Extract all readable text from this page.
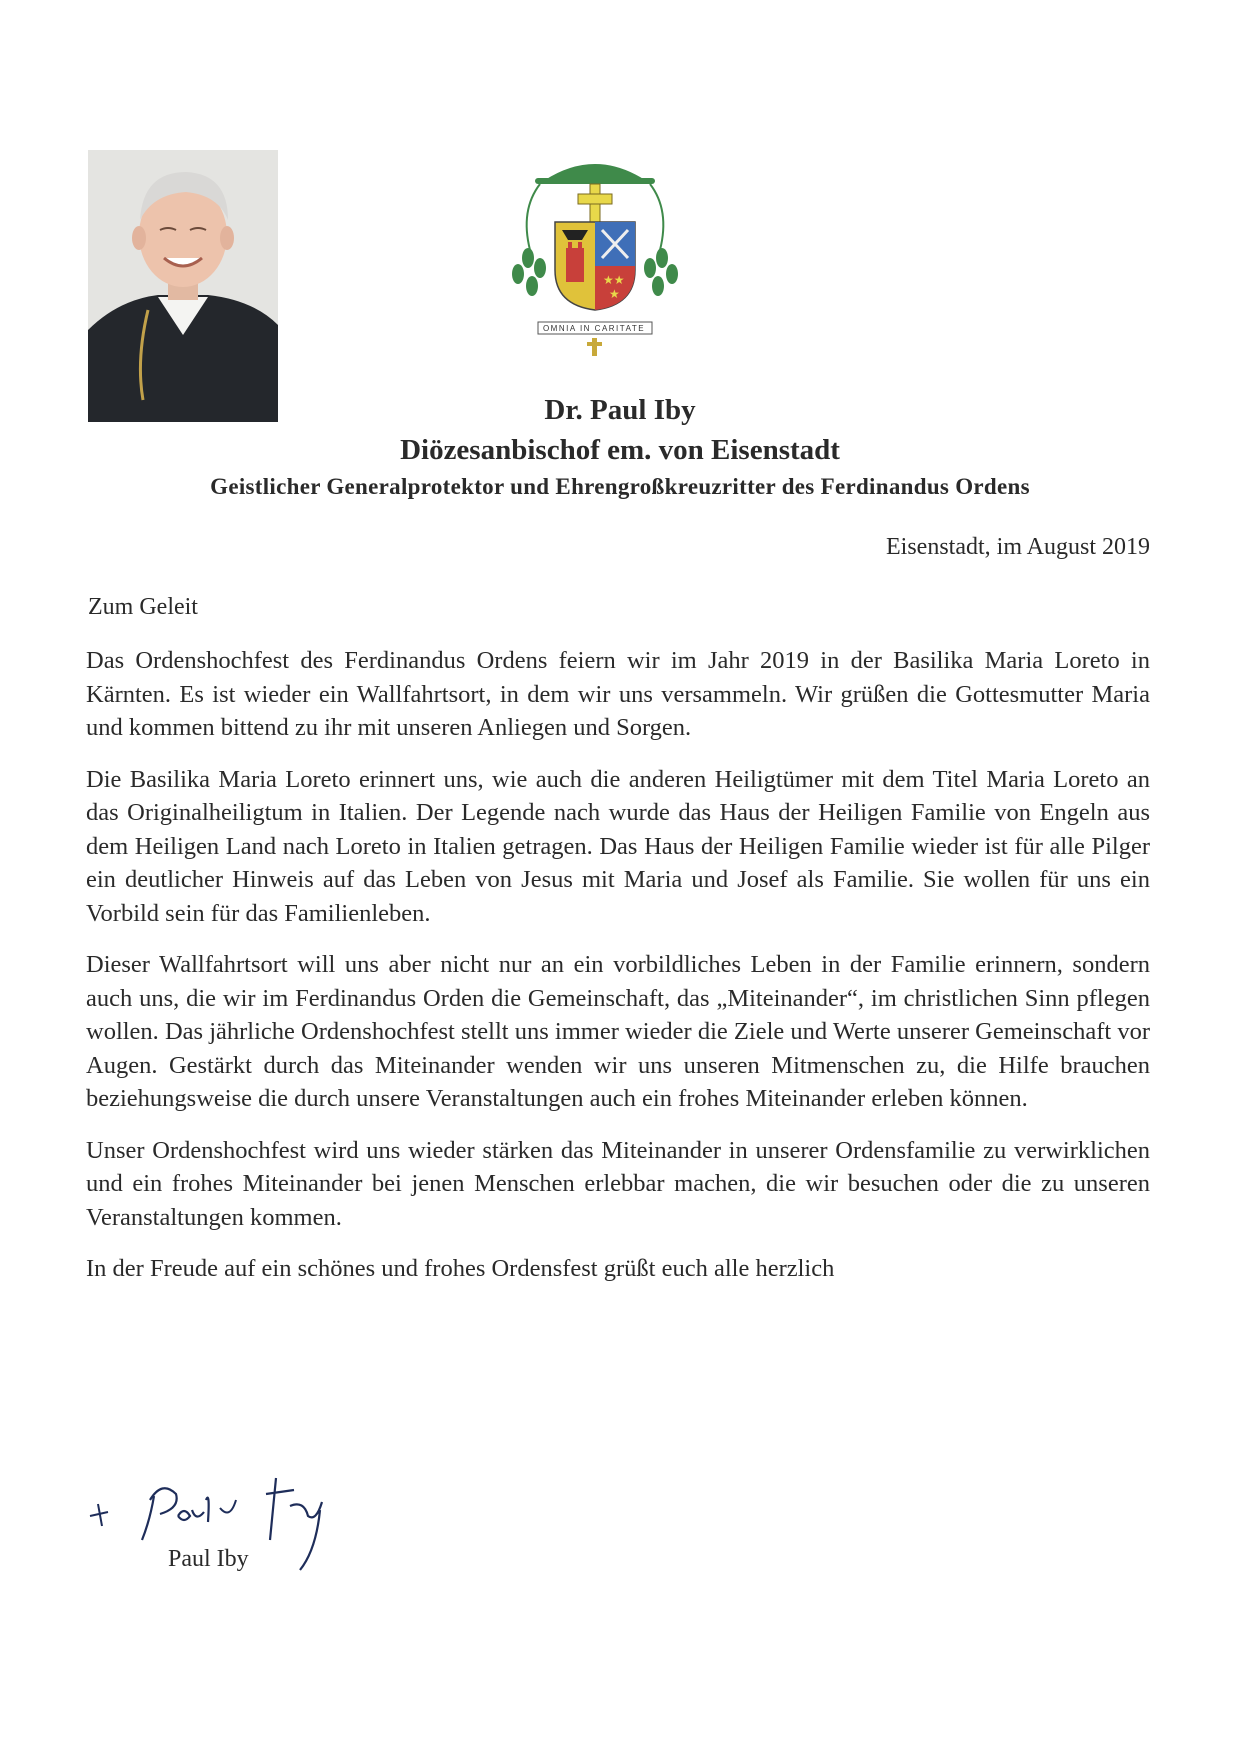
★★
★
OMNIA IN CARITATE
Dr. Paul Iby
Diözesanbischof em. von Eisenstadt
Geistlicher Generalprotektor und Ehrengroßkreuzritter des Ferdinandus Ordens
Eisenstadt, im August 2019
Zum Geleit

Das Ordenshochfest des Ferdinandus Ordens feiern wir im Jahr 2019 in der Basilika Maria Loreto in Kärnten. Es ist wieder ein Wallfahrtsort, in dem wir uns versammeln. Wir grüßen die Gottesmutter Maria und kommen bittend zu ihr mit unseren Anliegen und Sorgen.

Die Basilika Maria Loreto erinnert uns, wie auch die anderen Heiligtümer mit dem Titel Maria Loreto an das Originalheiligtum in Italien. Der Legende nach wurde das Haus der Heiligen Familie von Engeln aus dem Heiligen Land nach Loreto in Italien getragen. Das Haus der Heiligen Familie wieder ist für alle Pilger ein deutlicher Hinweis auf das Leben von Jesus mit Maria und Josef als Familie. Sie wollen für uns ein Vorbild sein für das Familienleben.

Dieser Wallfahrtsort will uns aber nicht nur an ein vorbildliches Leben in der Familie erinnern, sondern auch uns, die wir im Ferdinandus Orden die Gemeinschaft, das „Miteinander“, im christlichen Sinn pflegen wollen. Das jährliche Ordenshochfest stellt uns immer wieder die Ziele und Werte unserer Gemeinschaft vor Augen. Gestärkt durch das Miteinander wenden wir uns unseren Mitmenschen zu, die Hilfe brauchen beziehungsweise die durch unsere Veranstaltungen auch ein frohes Miteinander erleben können.

Unser Ordenshochfest wird uns wieder stärken das Miteinander in unserer Ordensfamilie zu verwirklichen und ein frohes Miteinander bei jenen Menschen erlebbar machen, die wir besuchen oder die zu unseren Veranstaltungen kommen.

In der Freude auf ein schönes und frohes Ordensfest grüßt euch alle herzlich

Paul Iby
